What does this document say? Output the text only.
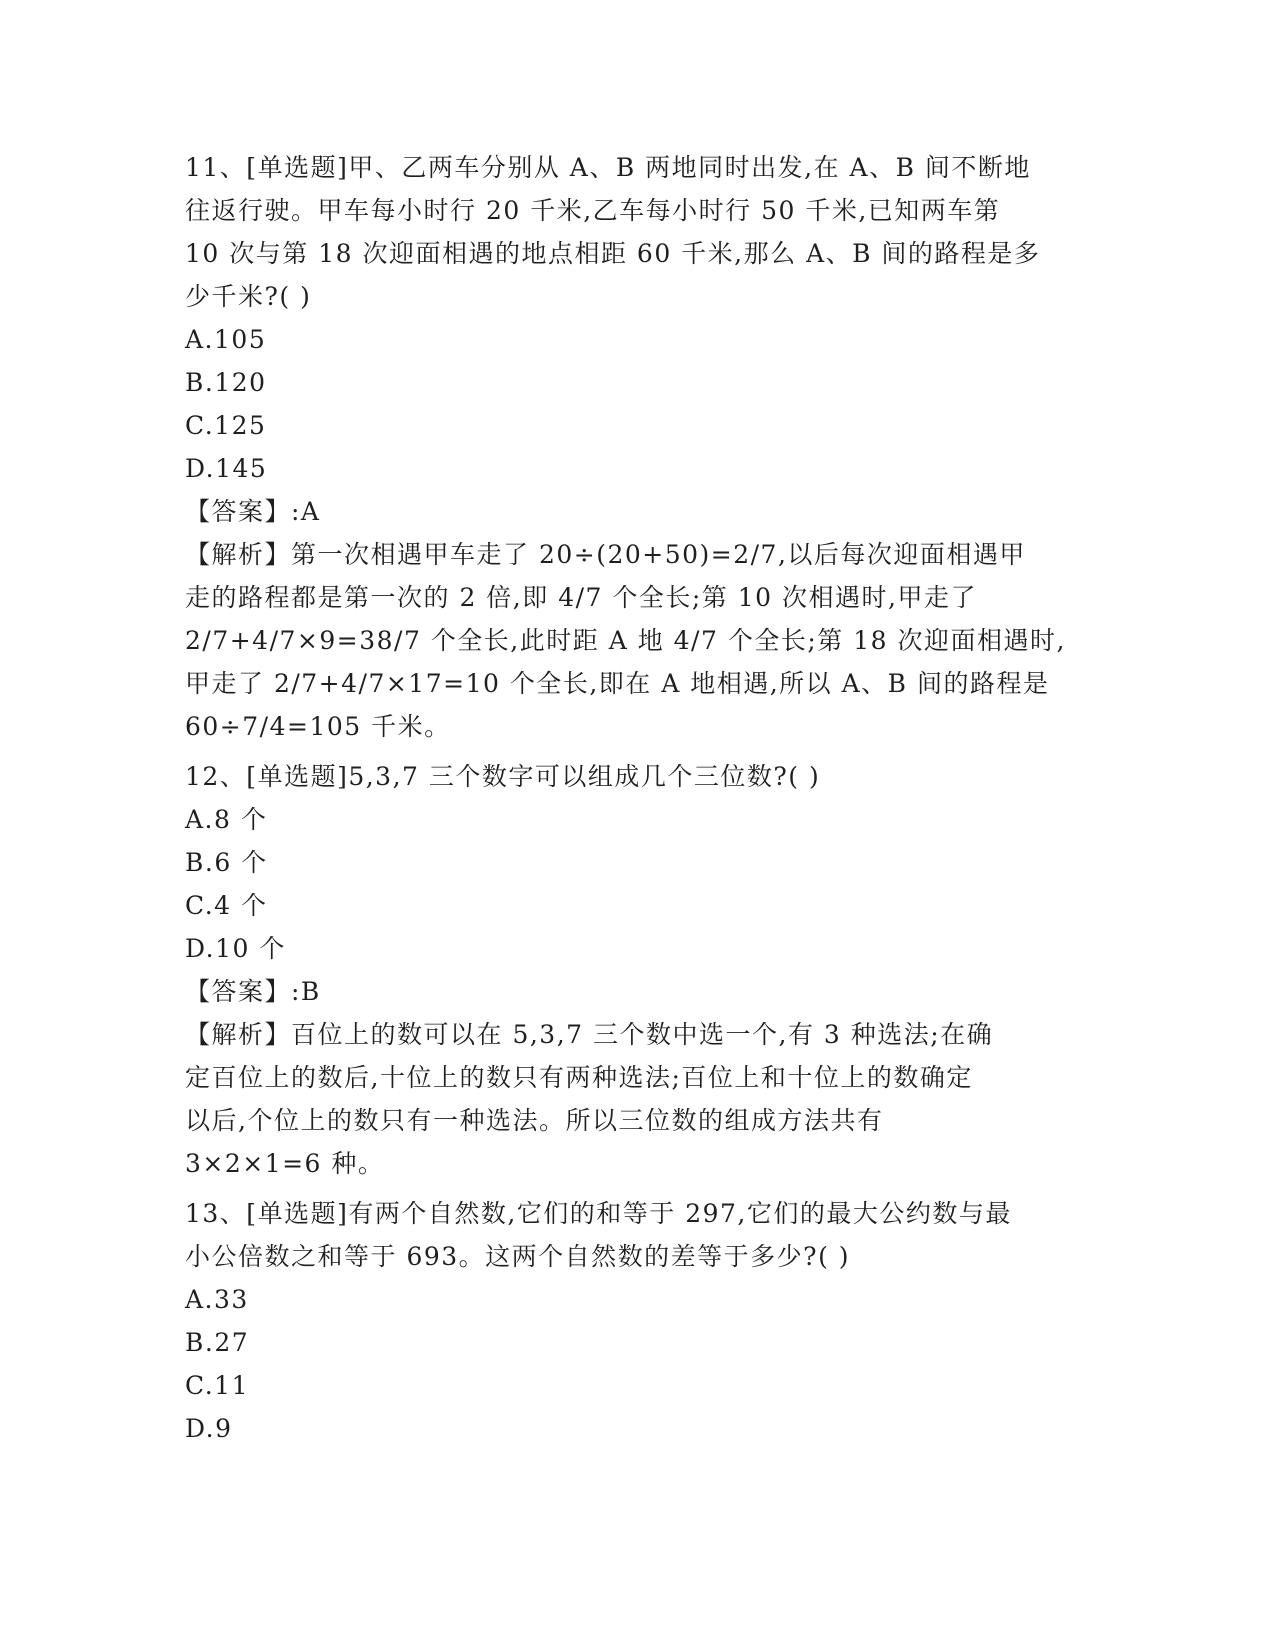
11、[单选题]甲、乙两车分别从 A、B 两地同时出发,在 A、B 间不断地
往返行驶。甲车每小时行 20 千米,乙车每小时行 50 千米,已知两车第
10 次与第 18 次迎面相遇的地点相距 60 千米,那么 A、B 间的路程是多
少千米?( )
A.105
B.120
C.125
D.145
【答案】:A
【解析】第一次相遇甲车走了 20÷(20+50)=2/7,以后每次迎面相遇甲
走的路程都是第一次的 2 倍,即 4/7 个全长;第 10 次相遇时,甲走了
2/7+4/7×9=38/7 个全长,此时距 A 地 4/7 个全长;第 18 次迎面相遇时,
甲走了 2/7+4/7×17=10 个全长,即在 A 地相遇,所以 A、B 间的路程是
60÷7/4=105 千米。
12、[单选题]5,3,7 三个数字可以组成几个三位数?( )
A.8 个
B.6 个
C.4 个
D.10 个
【答案】:B
【解析】百位上的数可以在 5,3,7 三个数中选一个,有 3 种选法;在确
定百位上的数后,十位上的数只有两种选法;百位上和十位上的数确定
以后,个位上的数只有一种选法。所以三位数的组成方法共有
3×2×1=6 种。
13、[单选题]有两个自然数,它们的和等于 297,它们的最大公约数与最
小公倍数之和等于 693。这两个自然数的差等于多少?( )
A.33
B.27
C.11
D.9
